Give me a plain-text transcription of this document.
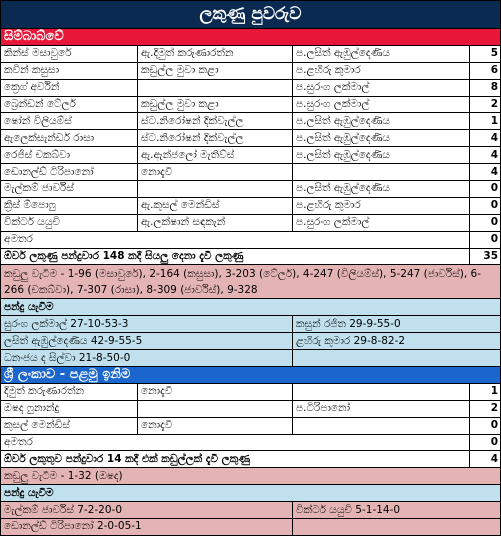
ලකුණු පුවරුව			
සිම්බාබ්වේ			
කින්ස් මසාවුරේ	ඇ.දිමුත් කරුණාරත්න	ප.ලසිත් ඇඹුල්දෙණිය	5
කවින් කසුසා	කඩුල්ල මුවා කළා	ප.ළහිරු කුමාර	6
ක්‍රෙග් අර්වින්		ප.සුරංග ලක්මාල්	8
බ්‍රෙන්ඩන් ටේලර්	කඩුල්ල මුවා කළා	ප.සුරංග ලක්මාල්	2
ෂෝන් විලියම්ස්	ස්ට.නිරෝෂන් දික්වැල්ල	ප.ලසිත් ඇඹුල්දෙණිය	1
ඇලෙක්සැන්ඩර් රාසා	ස්ට.නිරෝෂන් දික්වැල්ල	ප.ලසිත් ඇඹුල්දෙණිය	4
රෙජිස් චකබ්වා	ඇ.ඇන්ජලෝ මැතිව්ස්	ප.ලසිත් ඇඹුල්දෙණිය	4
ඩොනල්ඩ් ටිරිපානෝ	නොදැවී		4
මැල්කම් ජාර්විස්		ප.ලසිත් ඇඹුල්දෙණිය	0
ක්‍රිස් ම්පොෆු	ඇ.කුසල් මෙන්ඩිස්	ප.ළහිරු කුමාර	0
වික්ටර් යයුචි	ඇ.ලක්ෂාන් සඳකැන්	ප.සුරංග ලක්මාල්	0
අමතර			0
ඕවර් ලකුණු පන්දුවාර 148 කදී සියලු දෙනා දැවී ලකුණු			35
කඩුලු වැටීම - 1-96 (මසාවුරේ), 2-164 (කසුසා), 3-203 (ටේලර්), 4-247 (විලියම්ස්), 5-247 (ජාර්විස්), 6-266 (චකබ්වා), 7-307 (රාසා), 8-309 (ජාර්විස්), 9-328			
පන්දු යැවීම			
සුරංග ලක්මාල් 27-10-53-3		කසුන් රජිත 29-9-55-0	
ලසිත් ඇඹුල්දෙණිය 42-9-55-5		ළහිරු කුමාර 29-8-82-2	
ධනංජය ද සිල්වා 21-8-50-0			
ශ්‍රී ලංකාව - පළමු ඉනිම			
දිමුත් කරුණාරත්න	නොදැවී		1
ඔෂද ෆුනාන්දු		ප.ටිරිපානෝ	2
කුසල් මෙන්ඩිස්	නොදැවී		0
අමතර			0
ඕවර් ලකුතුව පන්දුවාර 14 කදී එක් කඩුල්ලක් දැවී ලකුණු			4
කඩුලු වැටීම - 1-32 (ඔෂද)			
පන්දු යැවීම			
මැල්කම් ජාර්විස් 7-2-20-0		වික්ටර් යයුචි 5-1-14-0	
ඩොනල්ඩ් ටිරිපානෝ 2-0-05-1			
